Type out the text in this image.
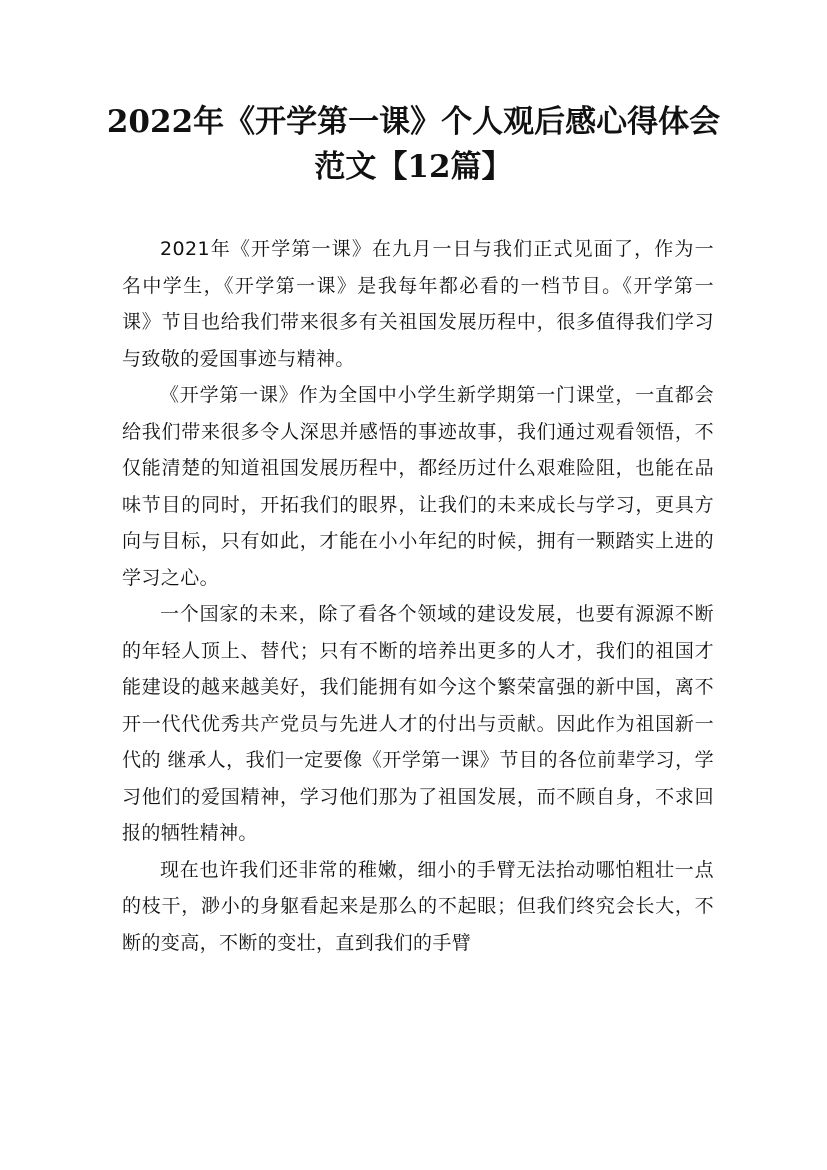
2022年《开学第一课》个人观后感心得体会
范文【12篇】

2021年《开学第一课》在九月一日与我们正式见面了，作为一名中学生，《开学第一课》是我每年都必看的一档节目。《开学第一课》节目也给我们带来很多有关祖国发展历程中，很多值得我们学习与致敬的爱国事迹与精神。

《开学第一课》作为全国中小学生新学期第一门课堂，一直都会给我们带来很多令人深思并感悟的事迹故事，我们通过观看领悟，不仅能清楚的知道祖国发展历程中，都经历过什么艰难险阻，也能在品味节目的同时，开拓我们的眼界，让我们的未来成长与学习，更具方向与目标，只有如此，才能在小小年纪的时候，拥有一颗踏实上进的学习之心。

一个国家的未来，除了看各个领域的建设发展，也要有源源不断的年轻人顶上、替代；只有不断的培养出更多的人才，我们的祖国才能建设的越来越美好，我们能拥有如今这个繁荣富强的新中国，离不开一代代优秀共产党员与先进人才的付出与贡献。因此作为祖国新一代的 继承人，我们一定要像《开学第一课》节目的各位前辈学习，学习他们的爱国精神，学习他们那为了祖国发展，而不顾自身，不求回报的牺牲精神。

现在也许我们还非常的稚嫩，细小的手臂无法抬动哪怕粗壮一点的枝干，渺小的身躯看起来是那么的不起眼；但我们终究会长大，不断的变高，不断的变壮，直到我们的手臂
